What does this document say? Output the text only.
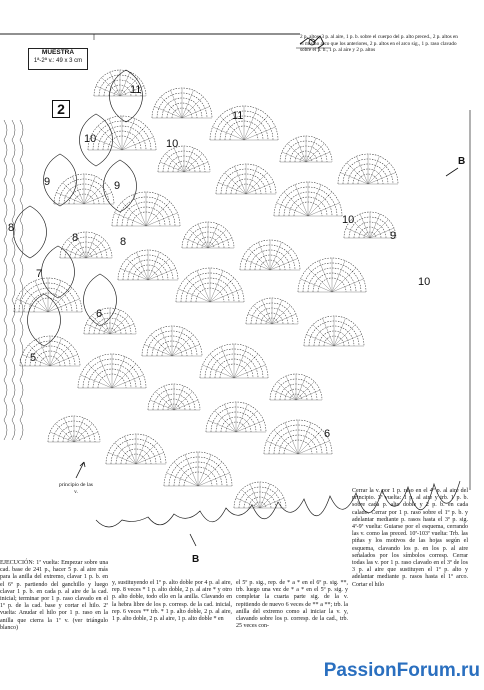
MUESTRA
1ª-2ª v.: 49 x 3 cm
2 p. altos, 3 p. al aire, 1 p. b. sobre el cuerpo del p. alto preced., 2 p. altos en el mismo arco que los anteriores, 2 p. altos en el arco sig., 1 p. raso clavado sobre el p. b., 1 p. al aire y 2 p. altos
2
11
11
10	10
9	9
8
8	8
7
6
6
5
10
10
9
B
B
principio de las v.
EJECUCIÓN: 1ª vuelta: Empezar sobre una cad. base de 241 p., hacer 5 p. al aire más para la anilla del extremo, clavar 1 p. b. en el 6º p. partiendo del ganchillo y luego clavar 1 p. b. en cada p. al aire de la cad. inicial; terminar por 1 p. raso clavado en el 1º p. de la cad. base y cortar el hilo. 2ª vuelta: Anudar el hilo por 1 p. raso en la anilla que cierra la 1ª v. (ver triángulo blanco)
y, sustituyendo el 1º p. alto doble por 4 p. al aire, rep. 8 veces * 1 p. alto doble, 2 p. al aire * y otro p. alto doble, todo ello en la anilla. Clavando en la hebra libre de los p. corresp. de la cad. inicial, rep. 6 veces ** trb. * 1 p. alto doble, 2 p. al aire, 1 p. alto doble, 2 p. al aire, 1 p. alto doble * en
el 5º p. sig., rep. de * a * en el 6º p. sig. **, trb. luego una vez de * a * en el 5º p. sig. y completar la cuarta parte sig. de la v. repitiendo de nuevo 6 veces de ** a **; trb. la anilla del extremo como al iniciar la v. y, clavando sobre los p. corresp. de la cad., trb. 25 veces con-
Cerrar la v. por 1 p. raso en el 4º p. al aire del principio. 3ª vuelta: 1 p. al aire y trb. 1 p. b. sobre cada p. alto doble y 2 p. b. en cada calado. Cerrar por 1 p. raso sobre el 1º p. b. y adelantar mediante p. rasos hasta el 3º p. sig. 4ª-9ª vuelta: Guiarse por el esquema, cerrando las v. como las preced. 10ª-103ª vuelta: Trb. las piñas y los motivos de las hojas según el esquema, clavando los p. en los p. al aire señalados por los símbolos corresp. Cerrar todas las v. por 1 p. raso clavado en el 3º de los 3 p. al aire que sustituyen el 1º p. alto y adelantar mediante p. rasos hasta el 1º arco. Cortar el hilo
PassionForum.ru
